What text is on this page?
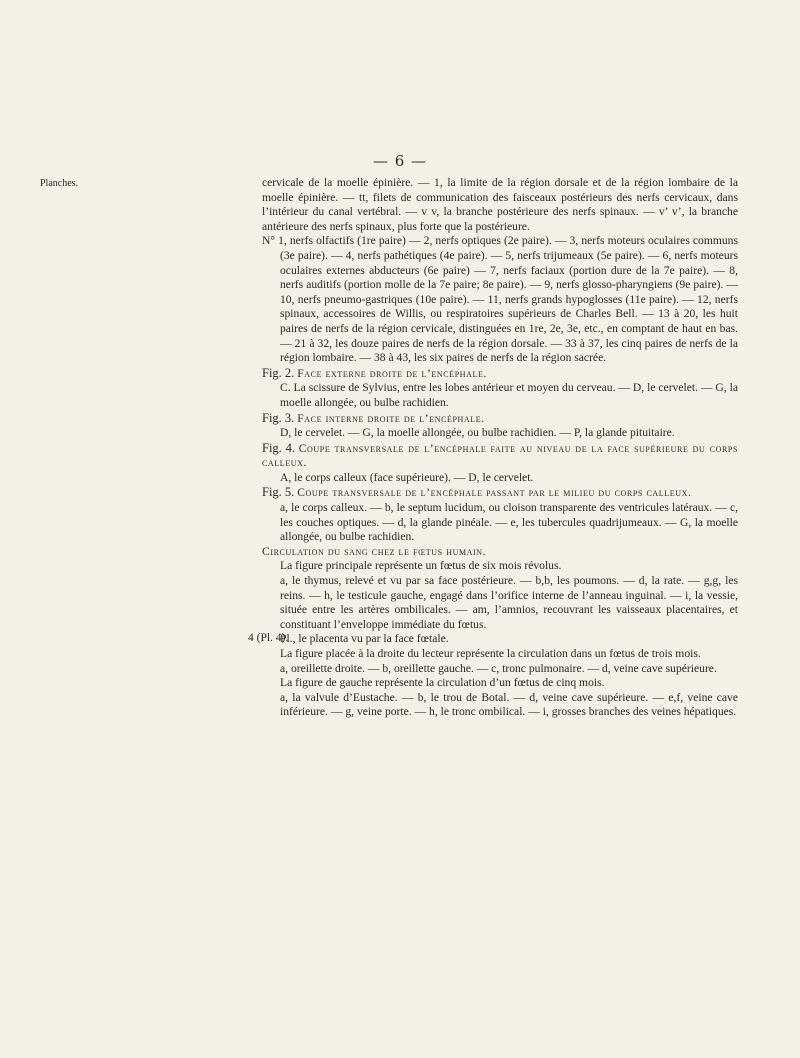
— 6 —
Planches.
4 (Pl. 4).

cervicale de la moelle épinière. — 1, la limite de la région dorsale et de la région lombaire de la moelle épinière. — tt, filets de communication des faisceaux postérieurs des nerfs cervicaux, dans l’intérieur du canal vertébral. — v v, la branche postérieure des nerfs spinaux. — v’ v’, la branche antérieure des nerfs spinaux, plus forte que la postérieure.

N° 1, nerfs olfactifs (1re paire) — 2, nerfs optiques (2e paire). — 3, nerfs moteurs oculaires communs (3e paire). — 4, nerfs pathétiques (4e paire). — 5, nerfs trijumeaux (5e paire). — 6, nerfs moteurs oculaires externes abducteurs (6e paire) — 7, nerfs faciaux (portion dure de la 7e paire). — 8, nerfs auditifs (portion molle de la 7e paire; 8e paire). — 9, nerfs glosso-pharyngiens (9e paire). — 10, nerfs pneumo-gastriques (10e paire). — 11, nerfs grands hypoglosses (11e paire). — 12, nerfs spinaux, accessoires de Willis, ou respiratoires supérieurs de Charles Bell. — 13 à 20, les huit paires de nerfs de la région cervicale, distinguées en 1re, 2e, 3e, etc., en comptant de haut en bas. — 21 à 32, les douze paires de nerfs de la région dorsale. — 33 à 37, les cinq paires de nerfs de la région lombaire. — 38 à 43, les six paires de nerfs de la région sacrée.

Fig. 2. Face externe droite de l’encéphale.

C. La scissure de Sylvius, entre les lobes antérieur et moyen du cerveau. — D, le cervelet. — G, la moelle allongée, ou bulbe rachidien.

Fig. 3. Face interne droite de l’encéphale.

D, le cervelet. — G, la moelle allongée, ou bulbe rachidien. — P, la glande pituitaire.

Fig. 4. Coupe transversale de l’encéphale faite au niveau de la face supérieure du corps calleux.

A, le corps calleux (face supérieure). — D, le cervelet.

Fig. 5. Coupe transversale de l’encéphale passant par le milieu du corps calleux.

a, le corps calleux. — b, le septum lucidum, ou cloison transparente des ventricules latéraux. — c, les couches optiques. — d, la glande pinéale. — e, les tubercules quadrijumeaux. — G, la moelle allongée, ou bulbe rachidien.

Circulation du sang chez le fœtus humain.

La figure principale représente un fœtus de six mois révolus.

a, le thymus, relevé et vu par sa face postérieure. — b,b, les poumons. — d, la rate. — g,g, les reins. — h, le testicule gauche, engagé dans l’orifice interne de l’anneau inguinal. — i, la vessie, située entre les artères ombilicales. — am, l’amnios, recouvrant les vaisseaux placentaires, et constituant l’enveloppe immédiate du fœtus.

Pl., le placenta vu par la face fœtale.

La figure placée à la droite du lecteur représente la circulation dans un fœtus de trois mois.

a, oreillette droite. — b, oreillette gauche. — c, tronc pulmonaire. — d, veine cave supérieure.

La figure de gauche représente la circulation d’un fœtus de cinq mois.

a, la valvule d’Eustache. — b, le trou de Botal. — d, veine cave supérieure. — e,f, veine cave inférieure. — g, veine porte. — h, le tronc ombilical. — i, grosses branches des veines hépatiques.
